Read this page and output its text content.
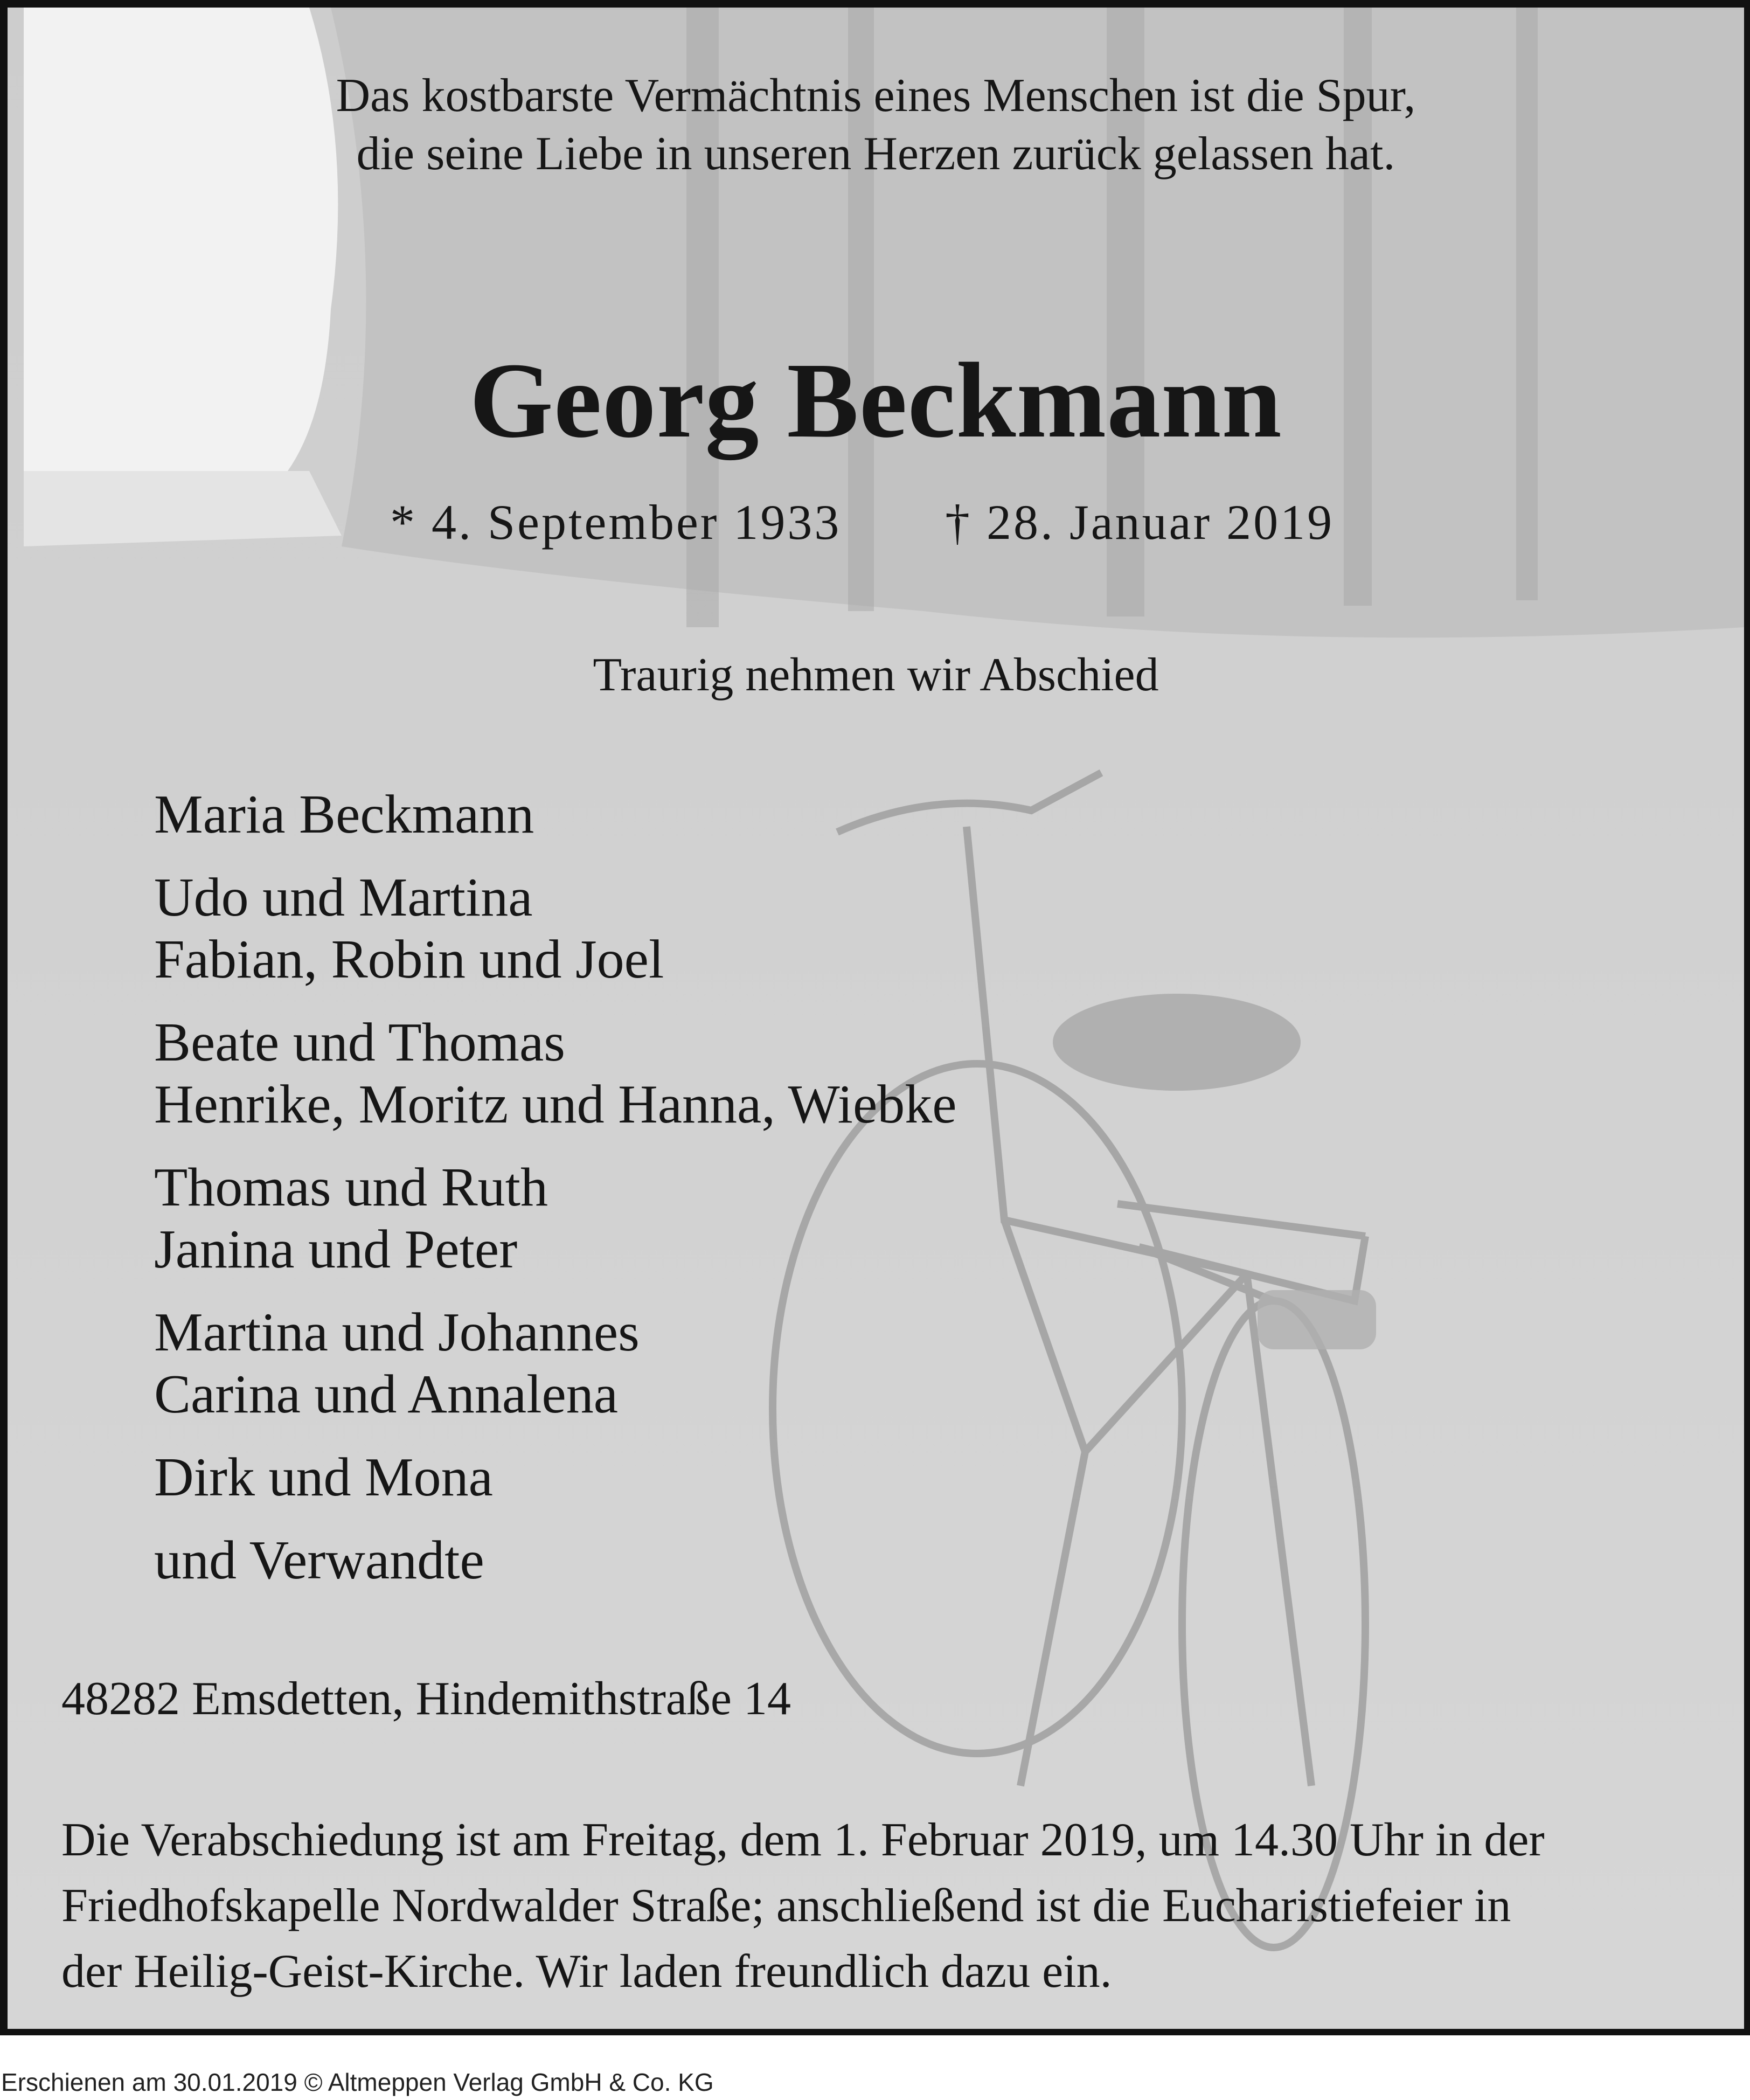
Das kostbarste Vermächtnis eines Menschen ist die Spur,
die seine Liebe in unseren Herzen zurück gelassen hat.

Georg Beckmann

* 4. September 1933 † 28. Januar 2019

Traurig nehmen wir Abschied

Maria Beckmann
Udo und Martina
Fabian, Robin und Joel
Beate und Thomas
Henrike, Moritz und Hanna, Wiebke
Thomas und Ruth
Janina und Peter
Martina und Johannes
Carina und Annalena
Dirk und Mona
und Verwandte

48282 Emsdetten, Hindemithstraße 14

Die Verabschiedung ist am Freitag, dem 1. Februar 2019, um 14.30 Uhr in der
Friedhofskapelle Nordwalder Straße; anschließend ist die Eucharistiefeier in
der Heilig-Geist-Kirche. Wir laden freundlich dazu ein.

Erschienen am 30.01.2019 © Altmeppen Verlag GmbH & Co. KG
